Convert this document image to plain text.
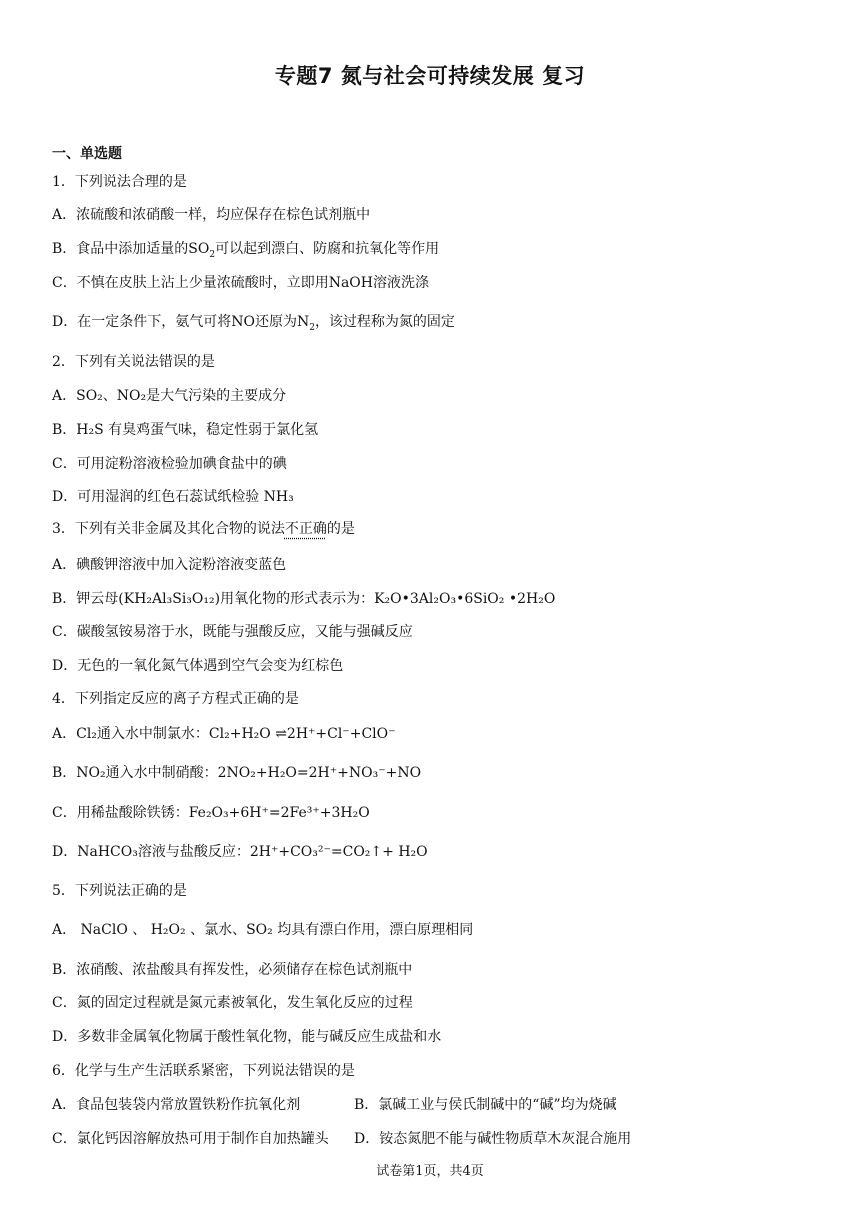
专题7 氮与社会可持续发展 复习
一、单选题
1．下列说法合理的是
A．浓硫酸和浓硝酸一样，均应保存在棕色试剂瓶中
B．食品中添加适量的$SO_2$可以起到漂白、防腐和抗氧化等作用
C．不慎在皮肤上沾上少量浓硫酸时，立即用NaOH溶液洗涤
D．在一定条件下，氨气可将NO还原为$N_2$，该过程称为氮的固定
2．下列有关说法错误的是
A．SO₂、NO₂是大气污染的主要成分
B．H₂S 有臭鸡蛋气味，稳定性弱于氯化氢
C．可用淀粉溶液检验加碘食盐中的碘
D．可用湿润的红色石蕊试纸检验 NH₃
3．下列有关非金属及其化合物的说法不正确的是
A．碘酸钾溶液中加入淀粉溶液变蓝色
B．钾云母(KH₂Al₃Si₃O₁₂)用氧化物的形式表示为：K₂O•3Al₂O₃•6SiO₂ •2H₂O
C．碳酸氢铵易溶于水，既能与强酸反应，又能与强碱反应
D．无色的一氧化氮气体遇到空气会变为红棕色
4．下列指定反应的离子方程式正确的是
A．Cl₂通入水中制氯水：Cl₂+H₂O ⇌2H⁺+Cl⁻+ClO⁻
B．NO₂通入水中制硝酸：2NO₂+H₂O=2H⁺+NO₃⁻+NO
C．用稀盐酸除铁锈：Fe₂O₃+6H⁺=2Fe³⁺+3H₂O
D．NaHCO₃溶液与盐酸反应：2H⁺+CO₃²⁻=CO₂↑+ H₂O
5．下列说法正确的是
A． NaClO 、 H₂O₂ 、氯水、SO₂ 均具有漂白作用，漂白原理相同
B．浓硝酸、浓盐酸具有挥发性，必须储存在棕色试剂瓶中
C．氮的固定过程就是氮元素被氧化，发生氧化反应的过程
D．多数非金属氧化物属于酸性氧化物，能与碱反应生成盐和水
6．化学与生产生活联系紧密，下列说法错误的是
A．食品包装袋内常放置铁粉作抗氧化剂	B．氯碱工业与侯氏制碱中的“碱”均为烧碱
C．氯化钙因溶解放热可用于制作自加热罐头 D．铵态氮肥不能与碱性物质草木灰混合施用
试卷第1页，共4页
